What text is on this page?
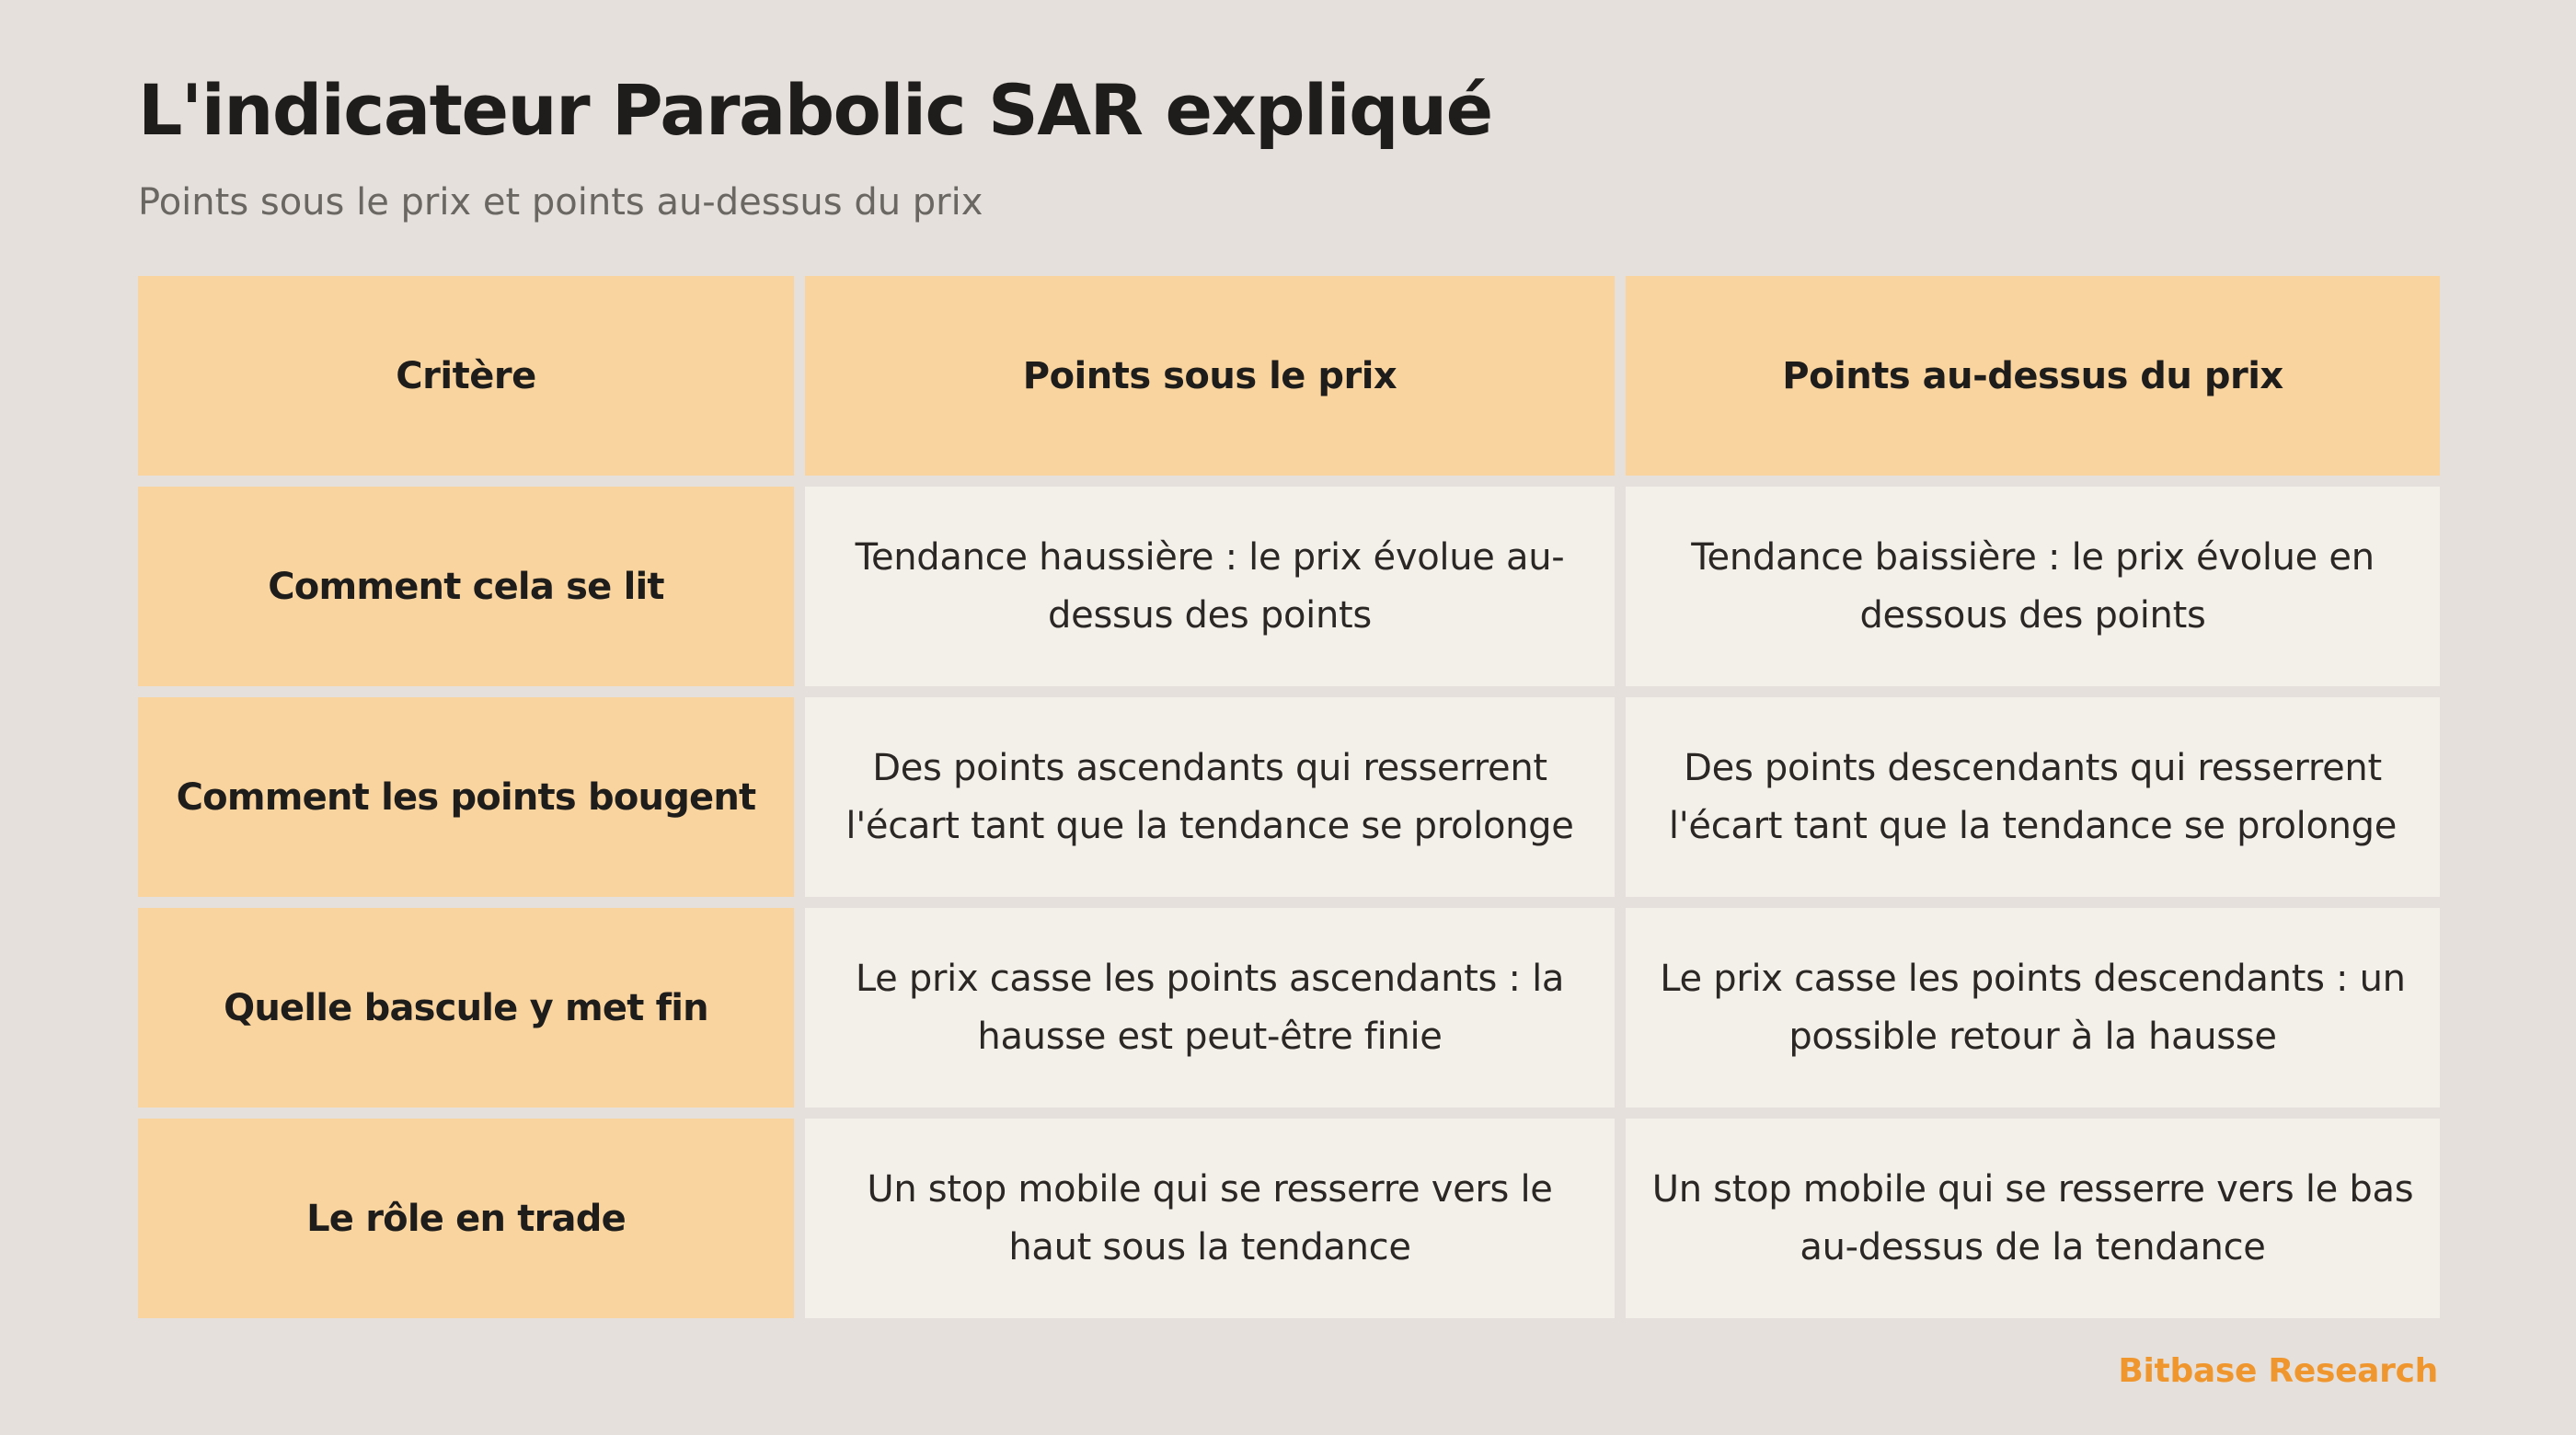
L'indicateur Parabolic SAR expliqué

Points sous le prix et points au-dessus du prix

Critère	Points sous le prix	Points au-dessus du prix
Comment cela se lit
Tendance haussière : le prix évolue au-dessus des points
Tendance baissière : le prix évolue en dessous des points
Comment les points bougent
Des points ascendants qui resserrent l'écart tant que la tendance se prolonge
Des points descendants qui resserrent l'écart tant que la tendance se prolonge
Quelle bascule y met fin
Le prix casse les points ascendants : la hausse est peut-être finie
Le prix casse les points descendants : un possible retour à la hausse
Le rôle en trade
Un stop mobile qui se resserre vers le haut sous la tendance
Un stop mobile qui se resserre vers le bas au-dessus de la tendance
Bitbase Research
